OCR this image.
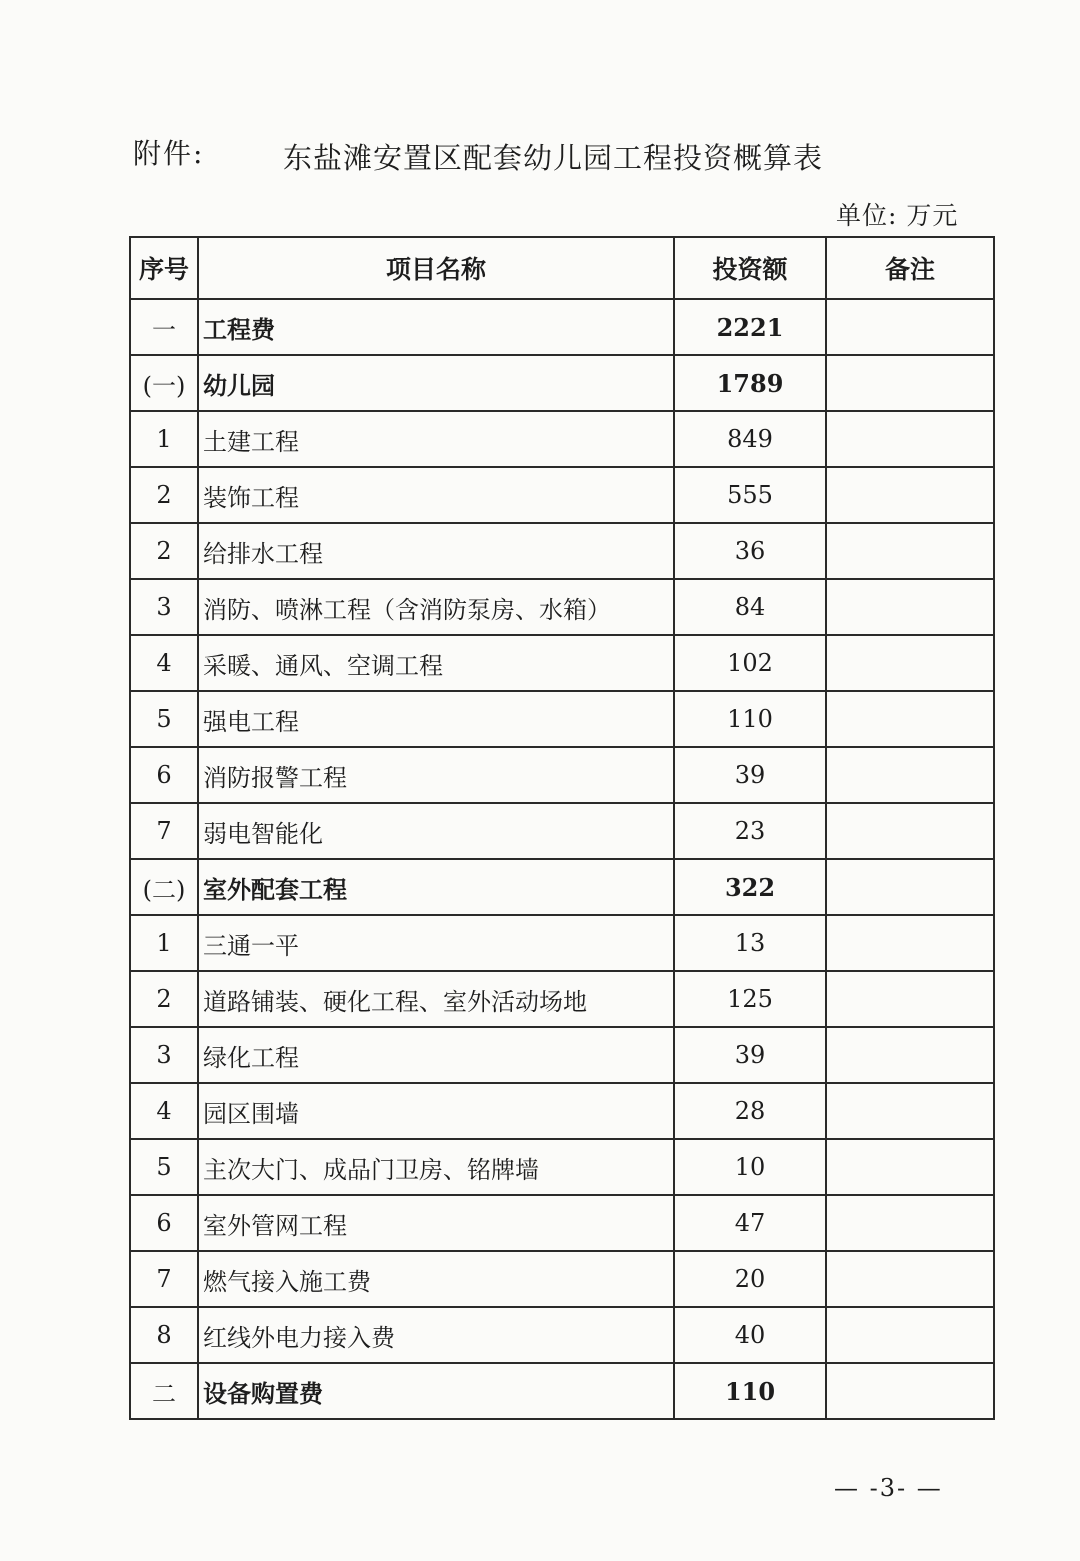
附件:	东盐滩安置区配套幼儿园工程投资概算表
单位: 万元
序号	项目名称	投资额	备注
一	工程费	2221	
(一)	幼儿园	1789	
1	土建工程	849	
2	装饰工程	555	
2	给排水工程	36	
3	消防、喷淋工程（含消防泵房、水箱）	84	
4	采暖、通风、空调工程	102	
5	强电工程	110	
6	消防报警工程	39	
7	弱电智能化	23	
(二)	室外配套工程	322	
1	三通一平	13	
2	道路铺装、硬化工程、室外活动场地	125	
3	绿化工程	39	
4	园区围墙	28	
5	主次大门、成品门卫房、铭牌墙	10	
6	室外管网工程	47	
7	燃气接入施工费	20	
8	红线外电力接入费	40	
二	设备购置费	110	
— -3- —
